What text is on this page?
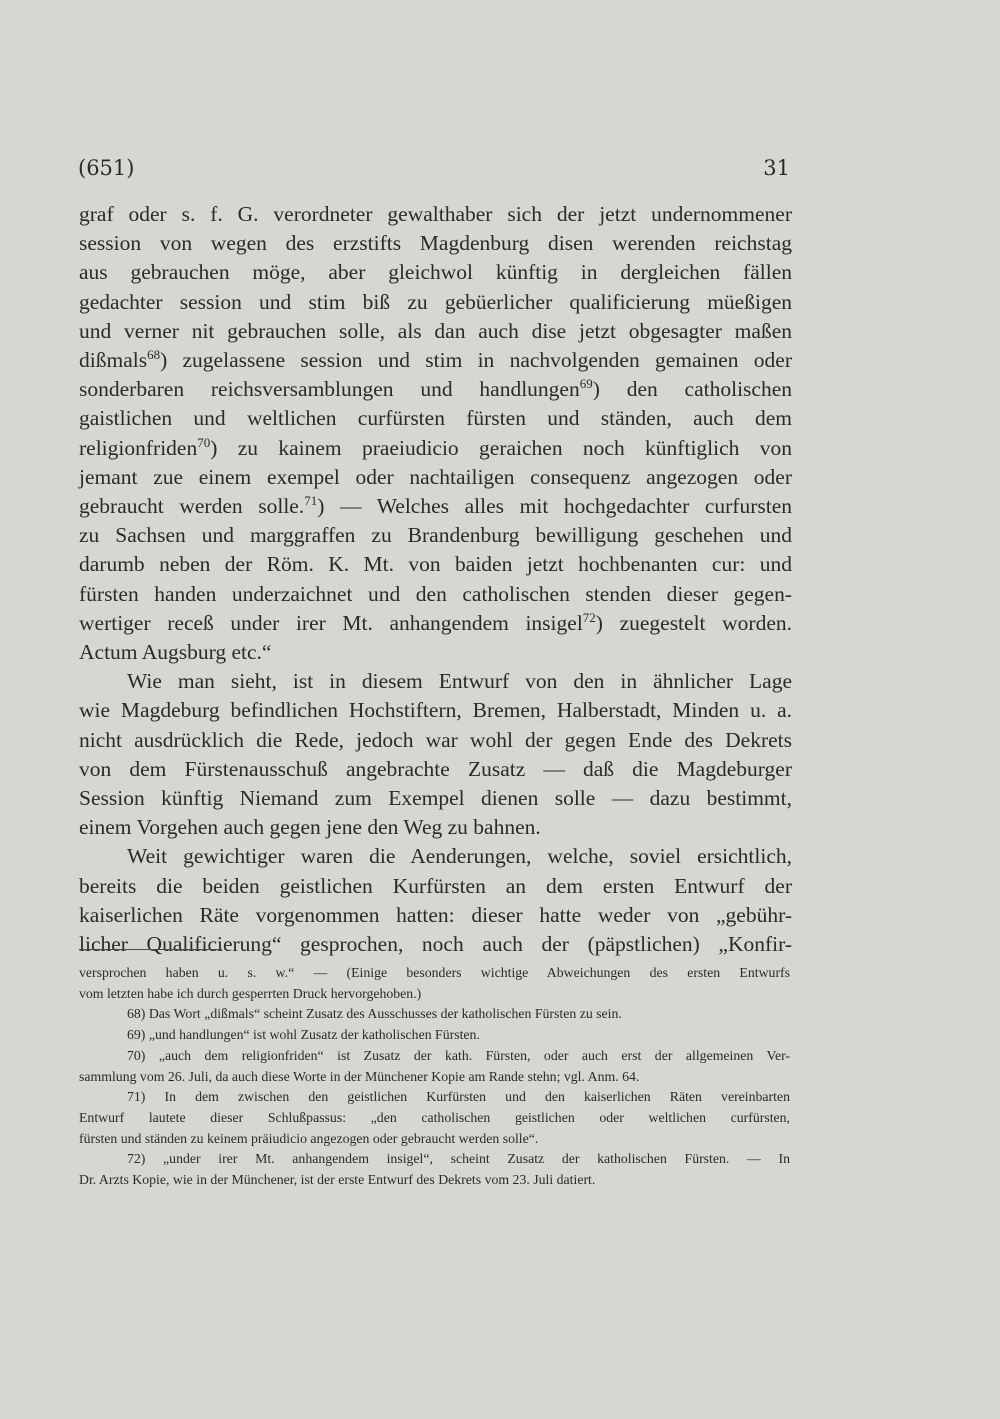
(651)	31

graf oder s. f. G. verordneter gewalthaber sich der jetzt undernommener

session von wegen des erzstifts Magdenburg disen werenden reichstag

aus gebrauchen möge, aber gleichwol künftig in dergleichen fällen

gedachter session und stim biß zu gebüerlicher qualificierung müeßigen

und verner nit gebrauchen solle, als dan auch dise jetzt obgesagter maßen

dißmals$^{68}$) zugelassene session und stim in nachvolgenden gemainen oder

sonderbaren reichsversamblungen und handlungen$^{69}$) den catholischen

gaistlichen und weltlichen curfürsten fürsten und ständen, auch dem

religionfriden$^{70}$) zu kainem praeiudicio geraichen noch künftiglich von

jemant zue einem exempel oder nachtailigen consequenz angezogen oder

gebraucht werden solle.$^{71}$) — Welches alles mit hochgedachter curfursten

zu Sachsen und marggraffen zu Brandenburg bewilligung geschehen und

darumb neben der Röm. K. Mt. von baiden jetzt hochbenanten cur: und

fürsten handen underzaichnet und den catholischen stenden dieser gegen-

wertiger receß under irer Mt. anhangendem insigel$^{72}$) zuegestelt worden.

Actum Augsburg etc.“

Wie man sieht, ist in diesem Entwurf von den in ähnlicher Lage

wie Magdeburg befindlichen Hochstiftern, Bremen, Halberstadt, Minden u. a.

nicht ausdrücklich die Rede, jedoch war wohl der gegen Ende des Dekrets

von dem Fürstenausschuß angebrachte Zusatz — daß die Magdeburger

Session künftig Niemand zum Exempel dienen solle — dazu bestimmt,

einem Vorgehen auch gegen jene den Weg zu bahnen.

Weit gewichtiger waren die Aenderungen, welche, soviel ersichtlich,

bereits die beiden geistlichen Kurfürsten an dem ersten Entwurf der

kaiserlichen Räte vorgenommen hatten: dieser hatte weder von „gebühr-

licher Qualificierung“ gesprochen, noch auch der (päpstlichen) „Konfir-

versprochen haben u. s. w.“ — (Einige besonders wichtige Abweichungen des ersten Entwurfs

vom letzten habe ich durch gesperrten Druck hervorgehoben.)

68) Das Wort „dißmals“ scheint Zusatz des Ausschusses der katholischen Fürsten zu sein.

69) „und handlungen“ ist wohl Zusatz der katholischen Fürsten.

70) „auch dem religionfriden“ ist Zusatz der kath. Fürsten, oder auch erst der allgemeinen Ver-

sammlung vom 26. Juli, da auch diese Worte in der Münchener Kopie am Rande stehn; vgl. Anm. 64.

71) In dem zwischen den geistlichen Kurfürsten und den kaiserlichen Räten vereinbarten

Entwurf lautete dieser Schlußpassus: „den catholischen geistlichen oder weltlichen curfürsten,

fürsten und ständen zu keinem präiudicio angezogen oder gebraucht werden solle“.

72) „under irer Mt. anhangendem insigel“, scheint Zusatz der katholischen Fürsten. — In

Dr. Arzts Kopie, wie in der Münchener, ist der erste Entwurf des Dekrets vom 23. Juli datiert.
